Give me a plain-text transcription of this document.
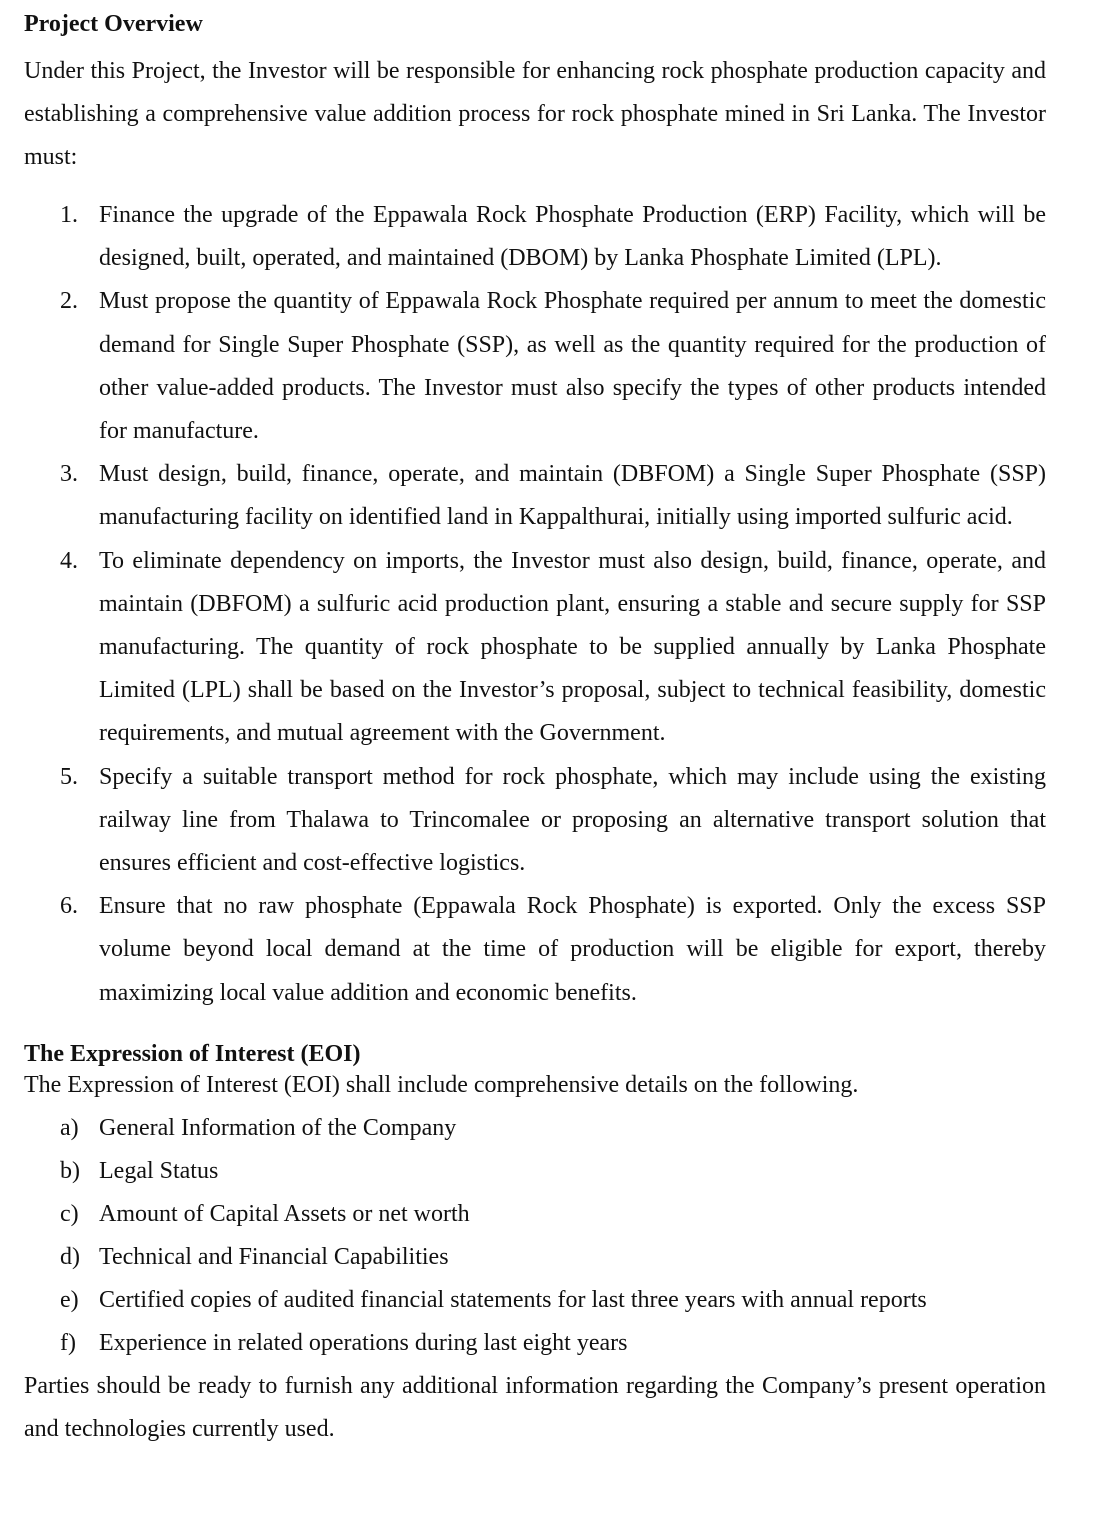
Project Overview

Under this Project, the Investor will be responsible for enhancing rock phosphate production capacity and establishing a comprehensive value addition process for rock phosphate mined in Sri Lanka. The Investor must:

1. Finance the upgrade of the Eppawala Rock Phosphate Production (ERP) Facility, which will be designed, built, operated, and maintained (DBOM) by Lanka Phosphate Limited (LPL).
2. Must propose the quantity of Eppawala Rock Phosphate required per annum to meet the domestic demand for Single Super Phosphate (SSP), as well as the quantity required for the production of other value-added products. The Investor must also specify the types of other products intended for manufacture.
3. Must design, build, finance, operate, and maintain (DBFOM) a Single Super Phosphate (SSP) manufacturing facility on identified land in Kappalthurai, initially using imported sulfuric acid.
4. To eliminate dependency on imports, the Investor must also design, build, finance, operate, and maintain (DBFOM) a sulfuric acid production plant, ensuring a stable and secure supply for SSP manufacturing. The quantity of rock phosphate to be supplied annually by Lanka Phosphate Limited (LPL) shall be based on the Investor’s proposal, subject to technical feasibility, domestic requirements, and mutual agreement with the Government.
5. Specify a suitable transport method for rock phosphate, which may include using the existing railway line from Thalawa to Trincomalee or proposing an alternative transport solution that ensures efficient and cost-effective logistics.
6. Ensure that no raw phosphate (Eppawala Rock Phosphate) is exported. Only the excess SSP volume beyond local demand at the time of production will be eligible for export, thereby maximizing local value addition and economic benefits.
The Expression of Interest (EOI)

The Expression of Interest (EOI) shall include comprehensive details on the following.

a) General Information of the Company
b) Legal Status
c) Amount of Capital Assets or net worth
d) Technical and Financial Capabilities
e) Certified copies of audited financial statements for last three years with annual reports
f) Experience in related operations during last eight years

Parties should be ready to furnish any additional information regarding the Company’s present operation and technologies currently used.
